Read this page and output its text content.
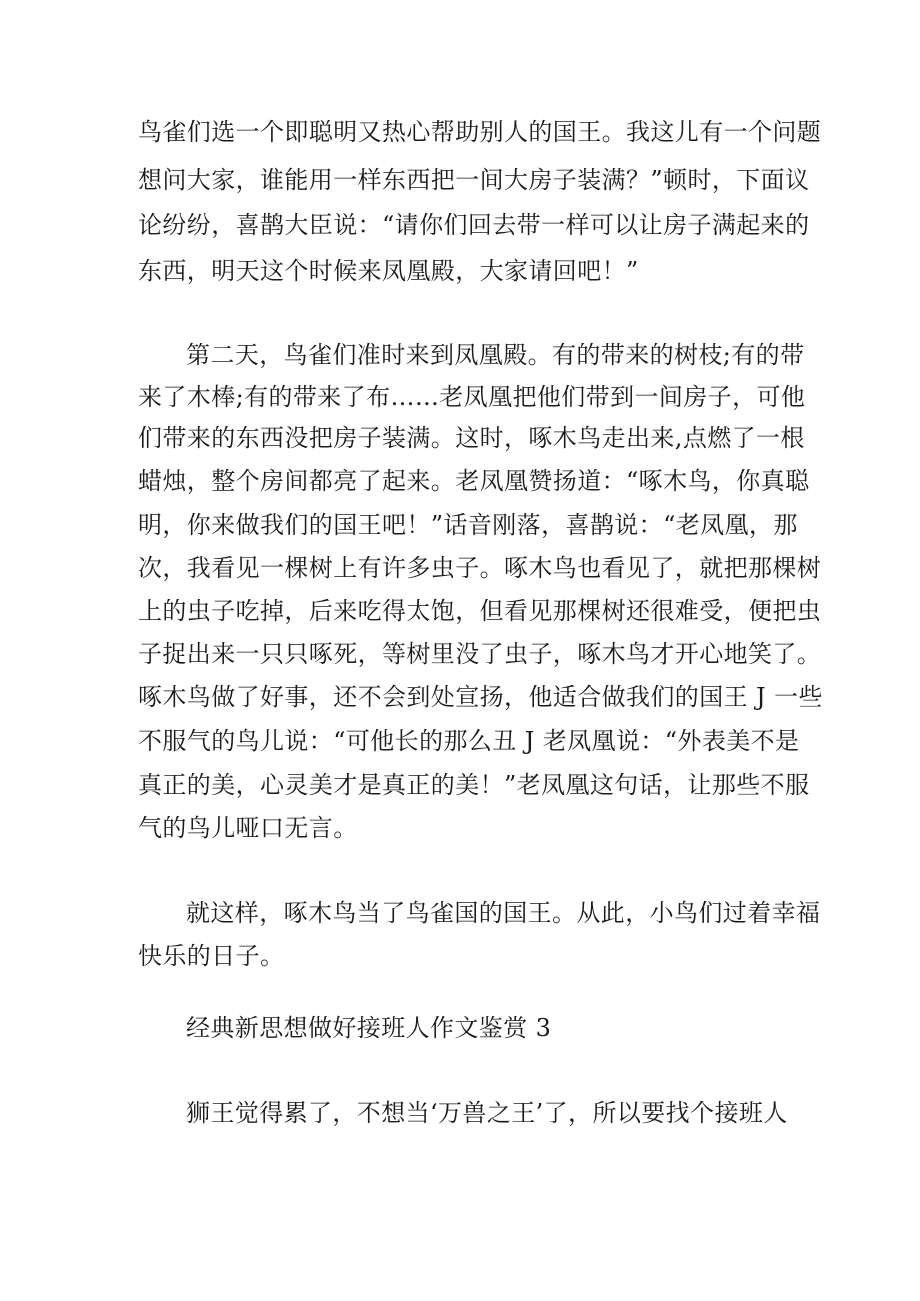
鸟雀们选一个即聪明又热心帮助别人的国王。我这儿有一个问题
想问大家，谁能用一样东西把一间大房子装满？”顿时，下面议
论纷纷，喜鹊大臣说：“请你们回去带一样可以让房子满起来的
东西，明天这个时候来凤凰殿，大家请回吧！”
第二天，鸟雀们准时来到凤凰殿。有的带来的树枝;有的带
来了木棒;有的带来了布……老凤凰把他们带到一间房子，可他
们带来的东西没把房子装满。这时，啄木鸟走出来,点燃了一根
蜡烛，整个房间都亮了起来。老凤凰赞扬道：“啄木鸟，你真聪
明，你来做我们的国王吧！”话音刚落，喜鹊说：“老凤凰，那
次，我看见一棵树上有许多虫子。啄木鸟也看见了，就把那棵树
上的虫子吃掉，后来吃得太饱，但看见那棵树还很难受，便把虫
子捉出来一只只啄死，等树里没了虫子，啄木鸟才开心地笑了。
啄木鸟做了好事，还不会到处宣扬，他适合做我们的国王 J 一些
不服气的鸟儿说：“可他长的那么丑 J 老凤凰说：“外表美不是
真正的美，心灵美才是真正的美！”老凤凰这句话，让那些不服
气的鸟儿哑口无言。
就这样，啄木鸟当了鸟雀国的国王。从此，小鸟们过着幸福
快乐的日子。
经典新思想做好接班人作文鉴赏 3
狮王觉得累了，不想当‘万兽之王’了，所以要找个接班人
